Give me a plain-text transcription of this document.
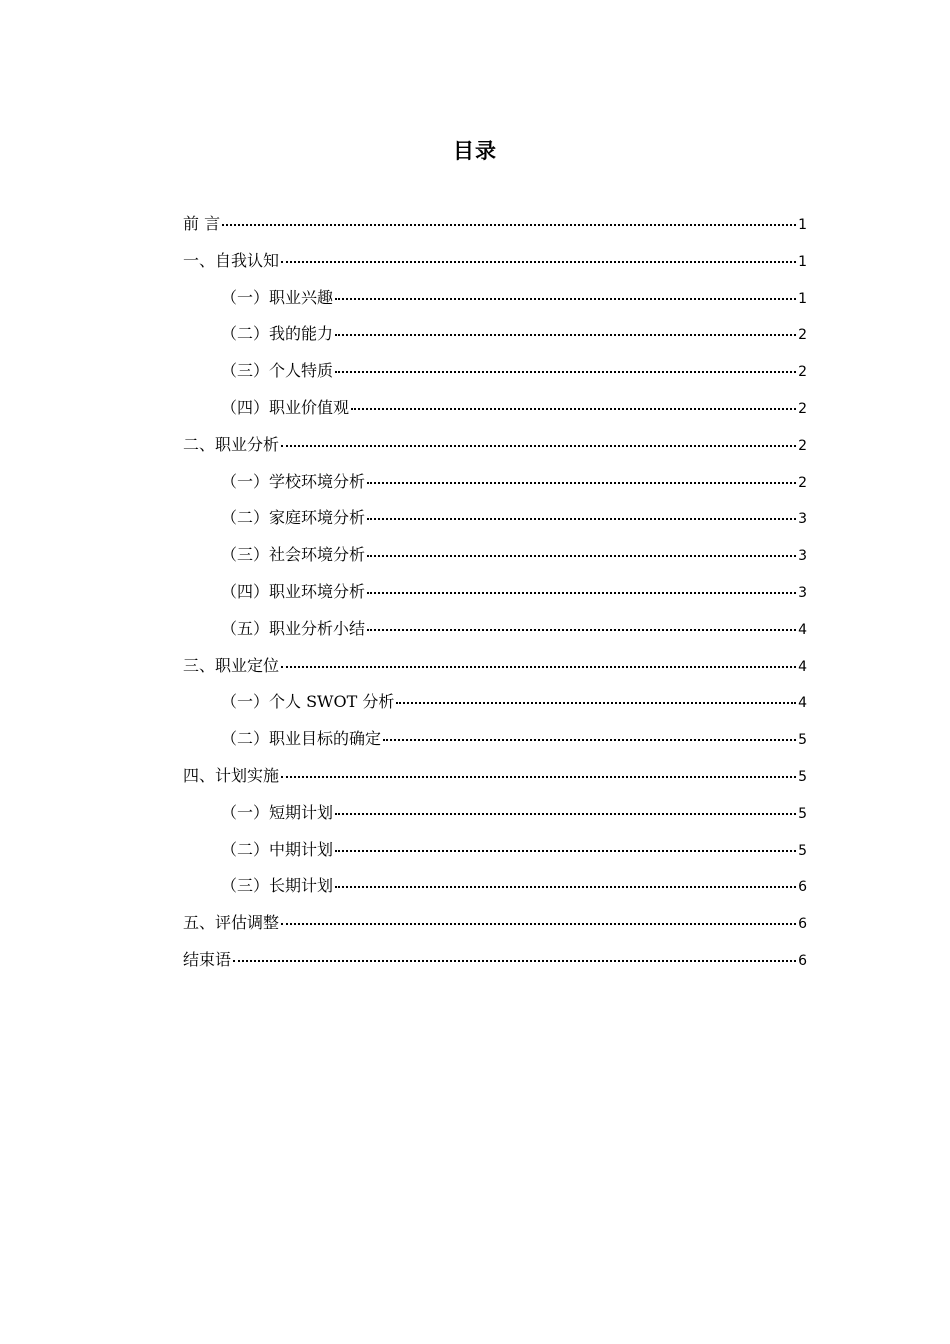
目录
前 言	1
一、自我认知	1
（一）职业兴趣	1
（二）我的能力	2
（三）个人特质	2
（四）职业价值观	2
二、职业分析	2
（一）学校环境分析	2
（二）家庭环境分析	3
（三）社会环境分析	3
（四）职业环境分析	3
（五）职业分析小结	4
三、职业定位	4
（一）个人 SWOT 分析	4
（二）职业目标的确定	5
四、计划实施	5
（一）短期计划	5
（二）中期计划	5
（三）长期计划	6
五、评估调整	6
结束语	6
